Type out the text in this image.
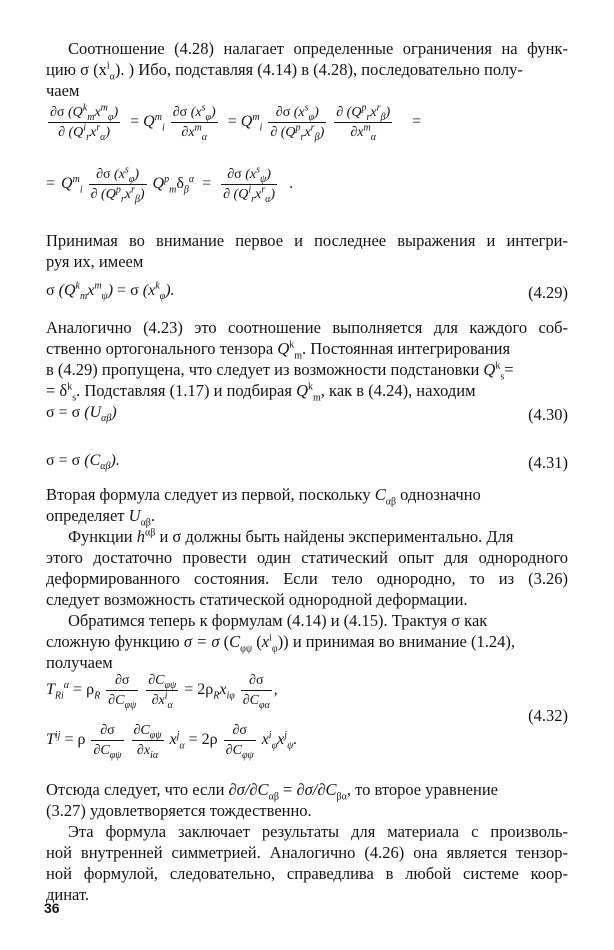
Соотношение (4.28) налагает определенные ограничения на функ-
цию σ $(x^i_\alpha)$. ) Ибо, подставляя (4.14) в (4.28), последовательно полу-
чаем
$\frac{\partial\sigma (Q^k_mx^m_\varphi)}{\partial (Q^i_rx^r_\alpha)} = Q^m_i \frac{\partial\sigma (x^s_\varphi)}{\partial x^m_\alpha} = Q^m_i \frac{\partial\sigma (x^s_\varphi)}{\partial (Q^p_rx^r_\beta)}$
$\frac{\partial (Q^p_rx^r_\beta)}{\partial x^m_\alpha}$ =
= $Q^m_i \frac{\partial\sigma (x^s_\varphi)}{\partial (Q^p_rx^r_\beta)} Q^p_m\delta_\beta^\alpha = \frac{\partial\sigma (x^s_\psi)}{\partial (Q^i_rx^r_\alpha)}$ .
Принимая во внимание первое и последнее выражения и интегри-
руя их, имеем
σ $(Q^k_mx^m_\psi) = \sigma$ $(x^k_\varphi)$.	(4.29)
Аналогично (4.23) это соотношение выполняется для каждого соб-
ственно ортогонального тензора $Q^k_m$. Постоянная интегрирования
в (4.29) пропущена, что следует из возможности подстановки $Q^k_s=$
= $\delta^k_s$. Подставляя (1.17) и подбирая $Q^k_m$, как в (4.24), находим
σ = σ $(U_{\alpha\beta})$	(4.30)
σ = σ $(C_{\alpha\beta})$.	(4.31)
Вторая формула следует из первой, поскольку $C_{\alpha\beta}$ однозначно
определяет $U_{\alpha\beta}$.
Функции $h^{\alpha\beta}$ и σ должны быть найдены экспериментально. Для
этого достаточно провести один статический опыт для однородного
деформированного состояния. Если тело однородно, то из (3.26)
следует возможность статической однородной деформации.
Обратимся теперь к формулам (4.14) и (4.15). Трактуя σ как
сложную функцию σ = σ ($C_{\varphi\psi}$ $(x^i_\varphi)$) и принимая во внимание (1.24),
получаем
$T_{Ri}^\alpha = \rho_R \frac{\partial\sigma}{\partial C_{\varphi\psi}}$
$\frac{\partial C_{\varphi\psi}}{\partial x^i_\alpha} = 2\rho_Rx_{i\varphi} \frac{\partial\sigma}{\partial C_{\varphi\alpha}}$ ,
(4.32)
$T^{ij} = \rho \frac{\partial\sigma}{\partial C_{\varphi\psi}}$
$\frac{\partial C_{\varphi\psi}}{\partial x_{i\alpha}} x^j_\alpha = 2\rho \frac{\partial\sigma}{\partial C_{\varphi\psi}} x^i_\varphi x^j_\psi$.
Отсюда следует, что если $\partial\sigma/\partial C_{\alpha\beta} = \partial\sigma/\partial C_{\beta\alpha}$, то второе уравнение
(3.27) удовлетворяется тождественно.
Эта формула заключает результаты для материала с произволь-
ной внутренней симметрией. Аналогично (4.26) она является тензор-
ной формулой, следовательно, справедлива в любой системе коор-
динат.
36
